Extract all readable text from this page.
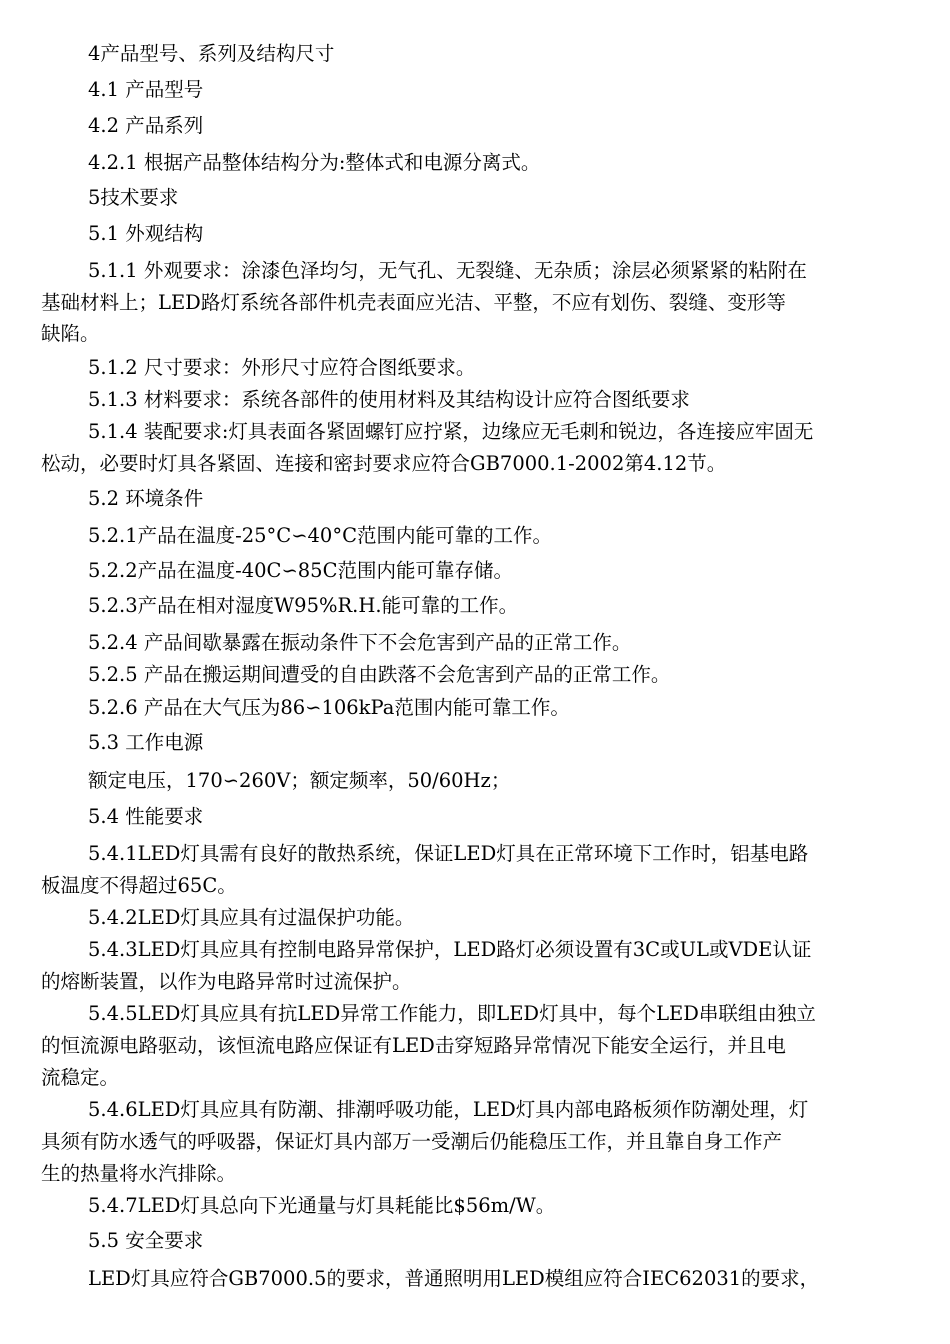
4产品型号、系列及结构尺寸
4.1 产品型号
4.2 产品系列
4.2.1 根据产品整体结构分为:整体式和电源分离式。
5技术要求
5.1 外观结构
5.1.1 外观要求：涂漆色泽均匀，无气孔、无裂缝、无杂质；涂层必须紧紧的粘附在
基础材料上；LED路灯系统各部件机壳表面应光洁、平整，不应有划伤、裂缝、变形等
缺陷。
5.1.2 尺寸要求：外形尺寸应符合图纸要求。
5.1.3 材料要求：系统各部件的使用材料及其结构设计应符合图纸要求
5.1.4 装配要求:灯具表面各紧固螺钉应拧紧，边缘应无毛刺和锐边，各连接应牢固无
松动，必要时灯具各紧固、连接和密封要求应符合GB7000.1-2002第4.12节。
5.2 环境条件
5.2.1产品在温度-25°C∽40°C范围内能可靠的工作。
5.2.2产品在温度-40C∽85C范围内能可靠存储。
5.2.3产品在相对湿度W95%R.H.能可靠的工作。
5.2.4 产品间歇暴露在振动条件下不会危害到产品的正常工作。
5.2.5 产品在搬运期间遭受的自由跌落不会危害到产品的正常工作。
5.2.6 产品在大气压为86∽106kPa范围内能可靠工作。
5.3 工作电源
额定电压，170∽260V；额定频率，50/60Hz；
5.4 性能要求
5.4.1LED灯具需有良好的散热系统，保证LED灯具在正常环境下工作时，铝基电路
板温度不得超过65C。
5.4.2LED灯具应具有过温保护功能。
5.4.3LED灯具应具有控制电路异常保护，LED路灯必须设置有3C或UL或VDE认证
的熔断装置，以作为电路异常时过流保护。
5.4.5LED灯具应具有抗LED异常工作能力，即LED灯具中，每个LED串联组由独立
的恒流源电路驱动，该恒流电路应保证有LED击穿短路异常情况下能安全运行，并且电
流稳定。
5.4.6LED灯具应具有防潮、排潮呼吸功能，LED灯具内部电路板须作防潮处理，灯
具须有防水透气的呼吸器，保证灯具内部万一受潮后仍能稳压工作，并且靠自身工作产
生的热量将水汽排除。
5.4.7LED灯具总向下光通量与灯具耗能比$56m/W。
5.5 安全要求
LED灯具应符合GB7000.5的要求，普通照明用LED模组应符合IEC62031的要求，
